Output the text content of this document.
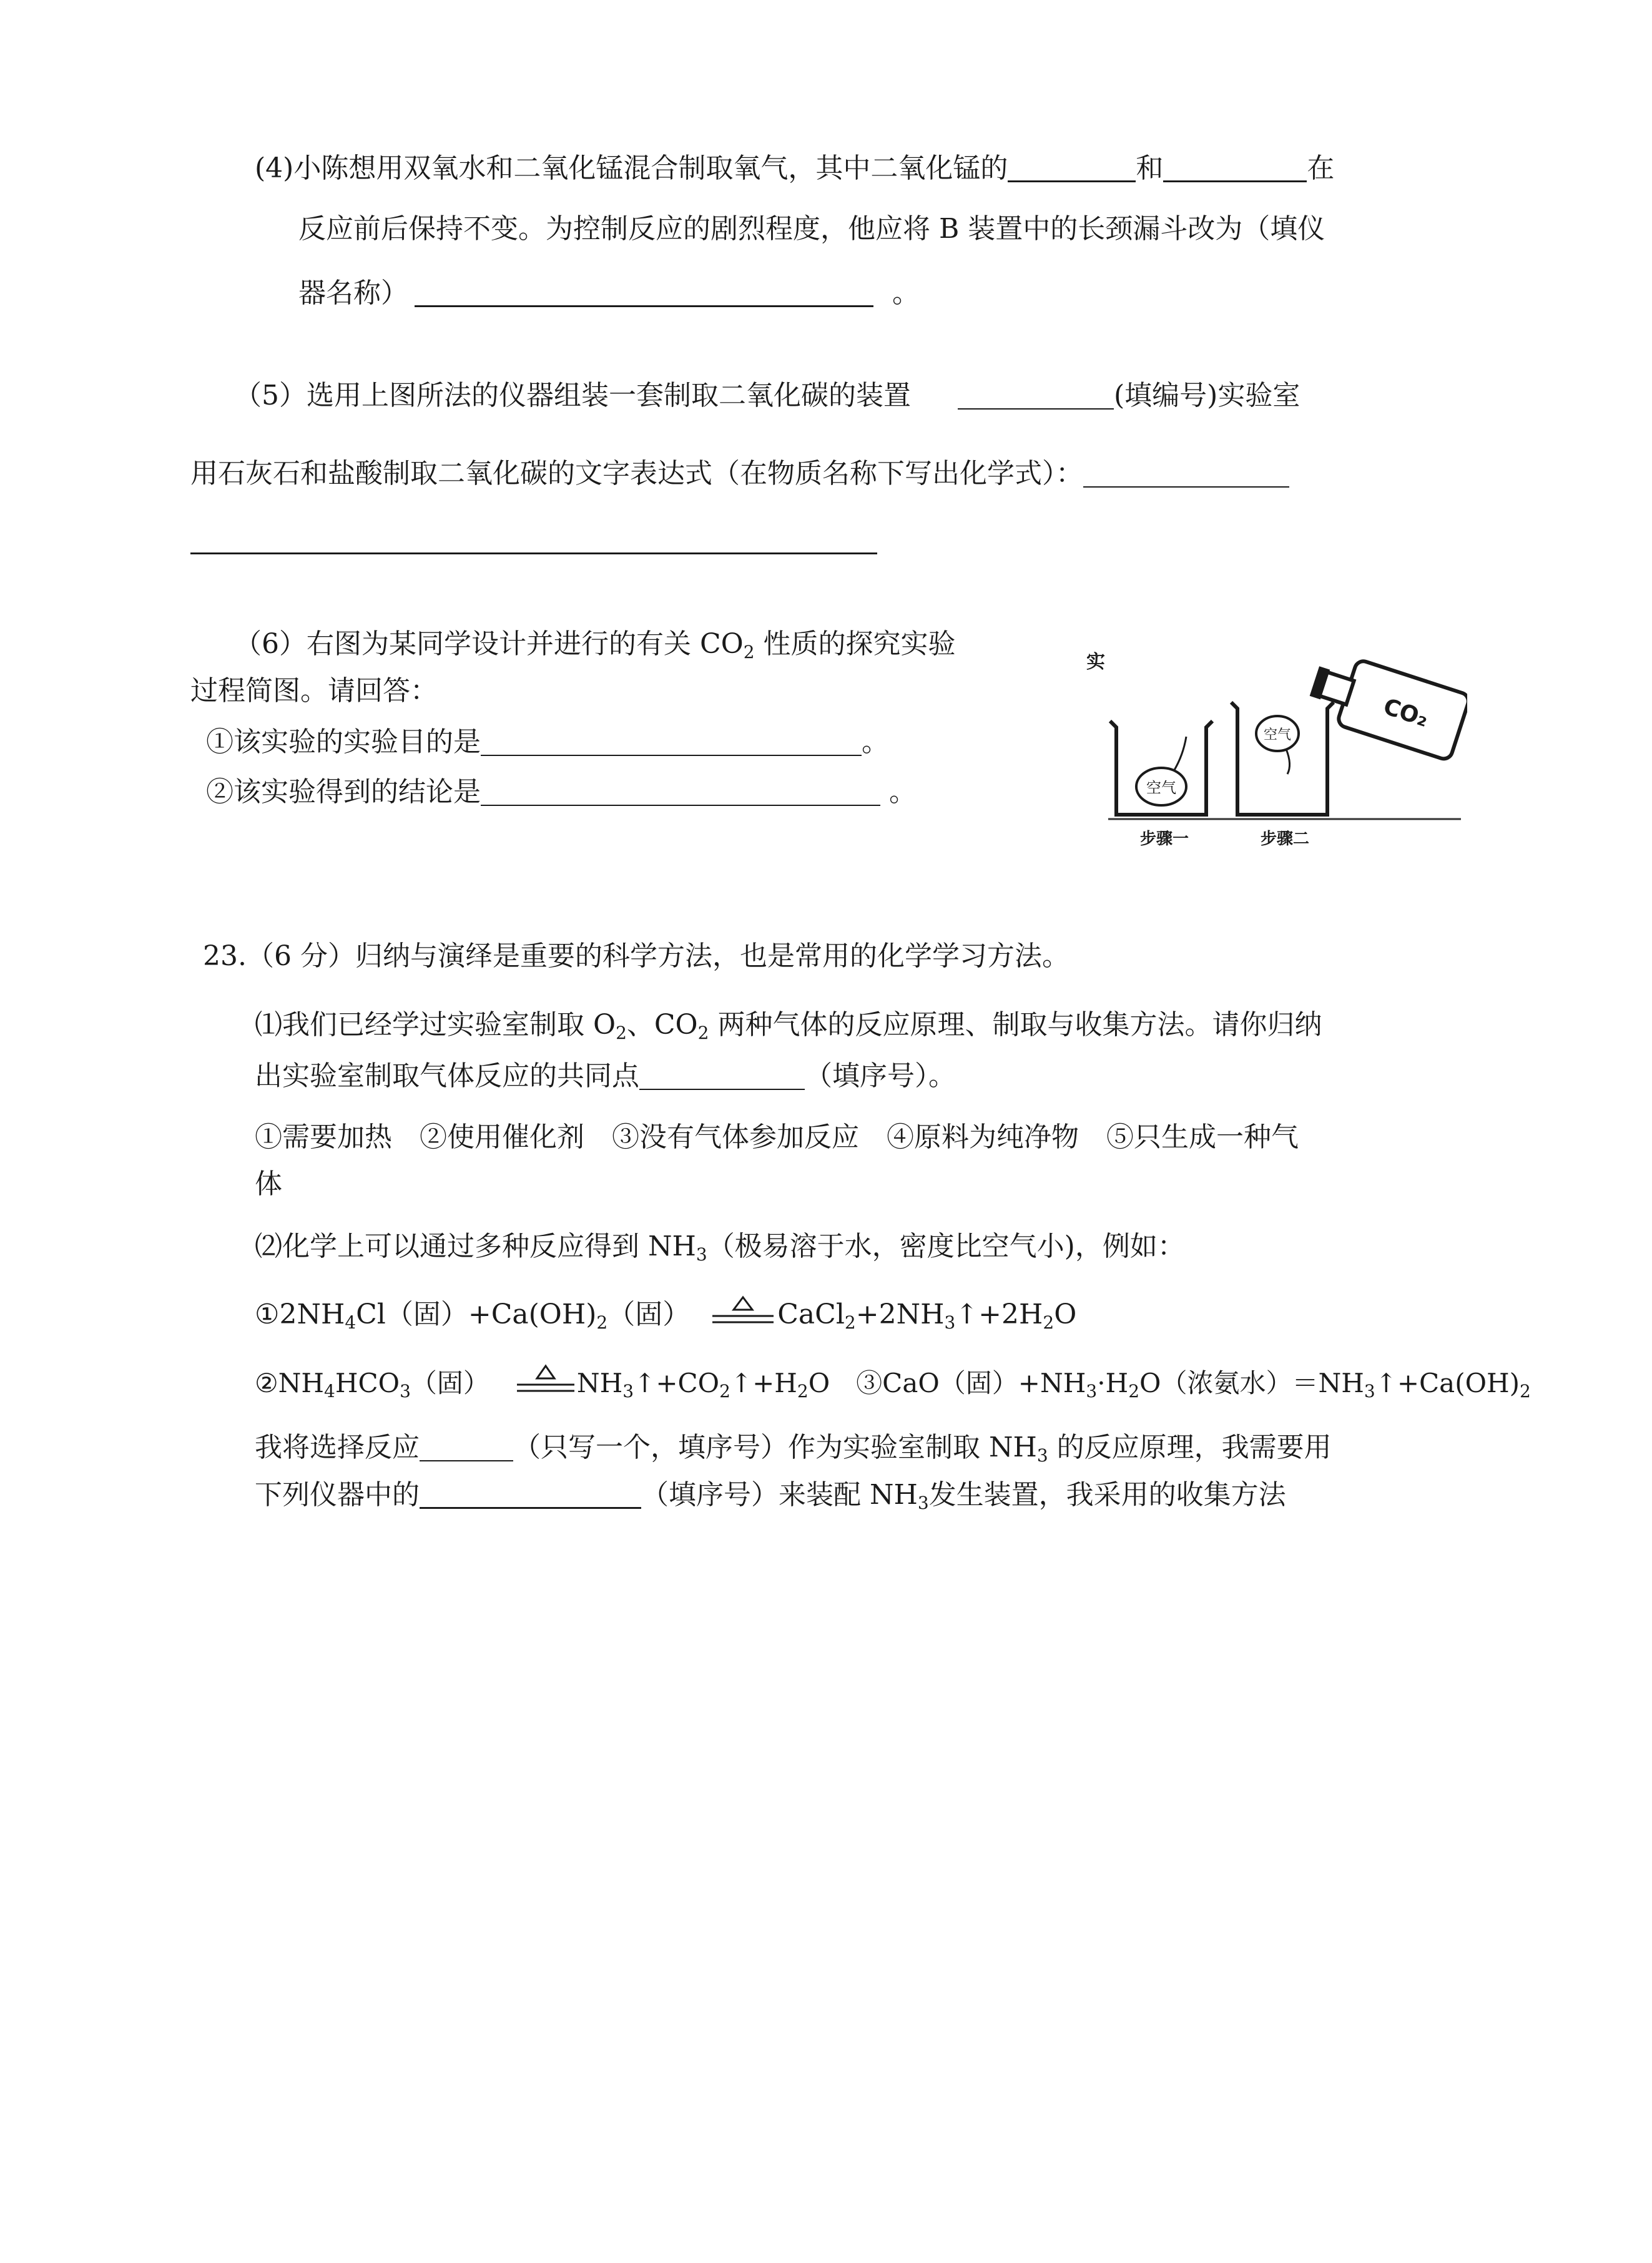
(4)小陈想用双氧水和二氧化锰混合制取氧气，其中二氧化锰的	和	在
反应前后保持不变。为控制反应的剧烈程度，他应将 B 装置中的长颈漏斗改为（填仪
器名称）	。
（5）选用上图所法的仪器组装一套制取二氧化碳的装置	(填编号)实验室
用石灰石和盐酸制取二氧化碳的文字表达式（在物质名称下写出化学式）：
（6）右图为某同学设计并进行的有关 $CO_2$ 性质的探究实验
过程简图。请回答：
①该实验的实验目的是	。
②该实验得到的结论是	。
实
空气
空气
CO₂
步骤一	步骤二
23.（6 分）归纳与演绎是重要的科学方法，也是常用的化学学习方法。
⑴我们已经学过实验室制取 $O_2$、$CO_2$ 两种气体的反应原理、制取与收集方法。请你归纳
出实验室制取气体反应的共同点	（填序号）。
①需要加热　②使用催化剂　③没有气体参加反应　④原料为纯净物　⑤只生成一种气
体
⑵化学上可以通过多种反应得到 $NH_3$（极易溶于水，密度比空气小)，例如：
$①2NH_4Cl$（固）$+Ca(OH)_2$（固）	$CaCl_2+2NH_3↑+2H_2O$
$②NH_4HCO_3$（固）	$NH_3↑+CO_2↑+H_2O$　③CaO（固）$+NH_3\cdot H_2O$（浓氨水）$=NH_3↑+Ca(OH)_2$
我将选择反应	（只写一个，填序号）作为实验室制取 $NH_3$ 的反应原理，我需要用
下列仪器中的	（填序号）来装配 $NH_3$发生装置，我采用的收集方法
